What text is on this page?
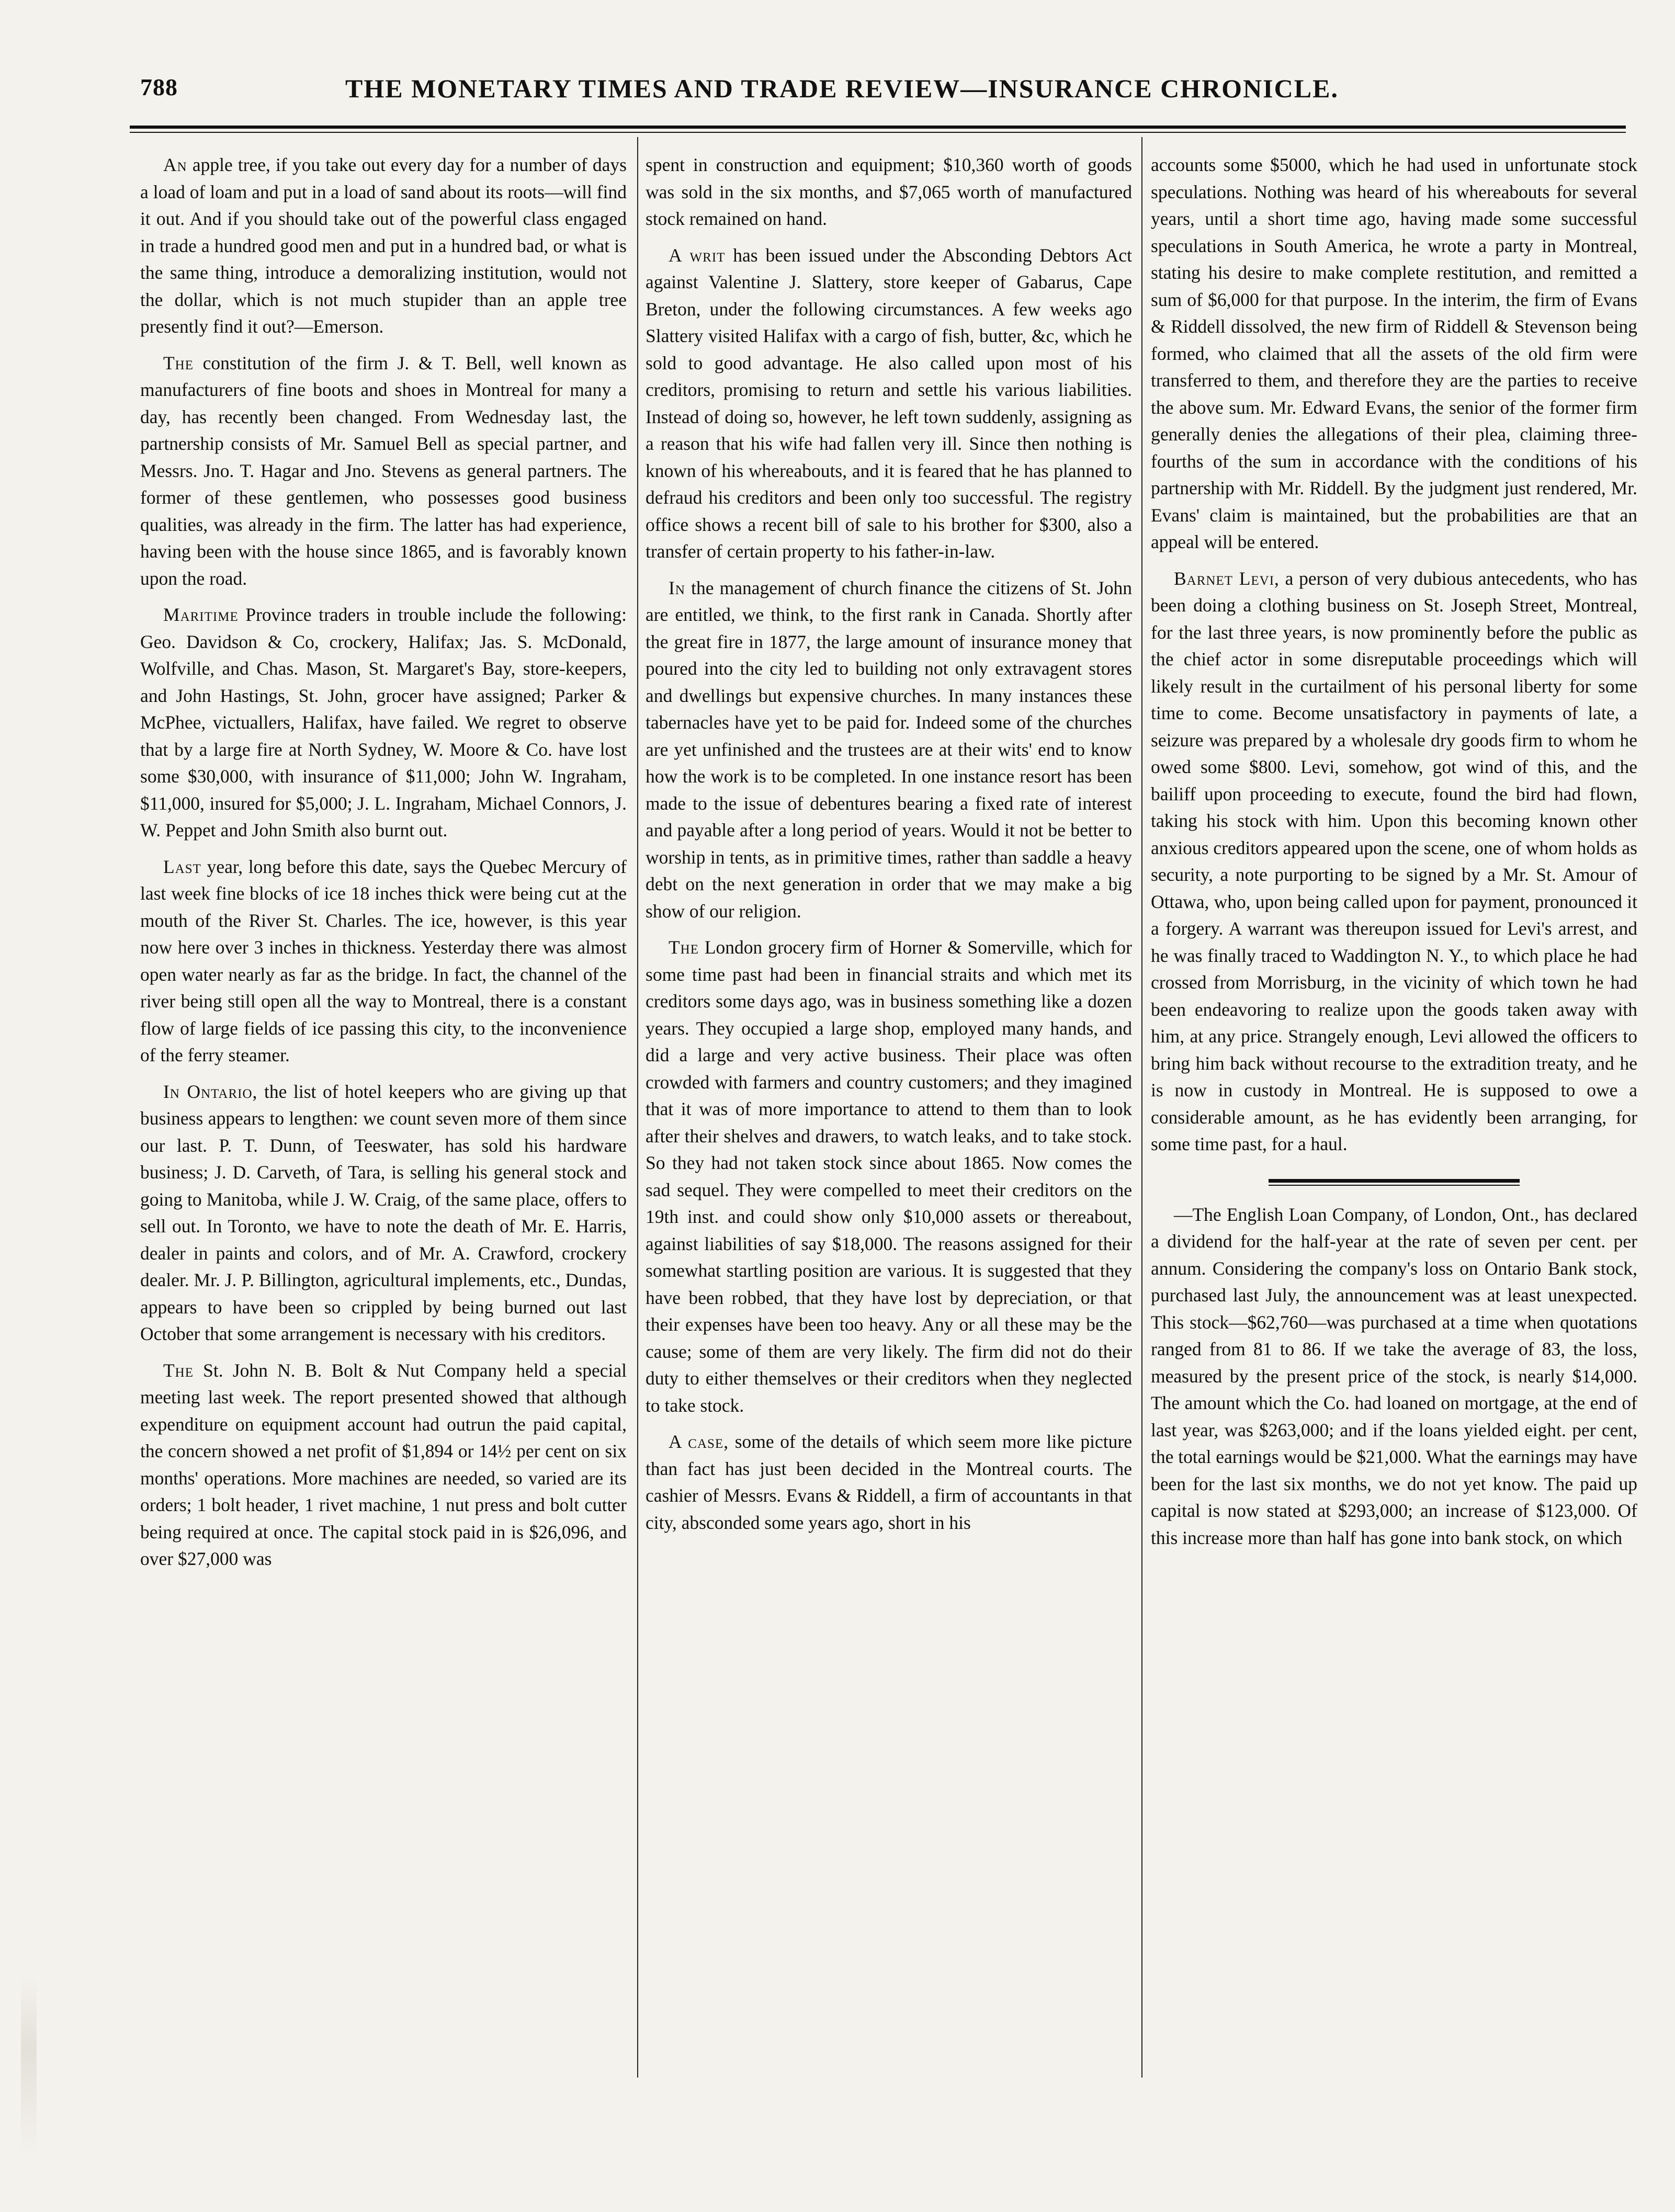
788	THE MONETARY TIMES AND TRADE REVIEW—INSURANCE CHRONICLE.

An apple tree, if you take out every day for a number of days a load of loam and put in a load of sand about its roots—will find it out. And if you should take out of the powerful class engaged in trade a hundred good men and put in a hundred bad, or what is the same thing, introduce a demoralizing institution, would not the dollar, which is not much stupider than an apple tree presently find it out?—Emerson.

The constitution of the firm J. & T. Bell, well known as manufacturers of fine boots and shoes in Montreal for many a day, has recently been changed. From Wednesday last, the partnership consists of Mr. Samuel Bell as special partner, and Messrs. Jno. T. Hagar and Jno. Stevens as general partners. The former of these gentlemen, who possesses good business qualities, was already in the firm. The latter has had experience, having been with the house since 1865, and is favorably known upon the road.

Maritime Province traders in trouble include the following: Geo. Davidson & Co, crockery, Halifax; Jas. S. McDonald, Wolfville, and Chas. Mason, St. Margaret's Bay, store-keepers, and John Hastings, St. John, grocer have assigned; Parker & McPhee, victuallers, Halifax, have failed. We regret to observe that by a large fire at North Sydney, W. Moore & Co. have lost some $30,000, with insurance of $11,000; John W. Ingraham, $11,000, insured for $5,000; J. L. Ingraham, Michael Connors, J. W. Peppet and John Smith also burnt out.

Last year, long before this date, says the Quebec Mercury of last week fine blocks of ice 18 inches thick were being cut at the mouth of the River St. Charles. The ice, however, is this year now here over 3 inches in thickness. Yesterday there was almost open water nearly as far as the bridge. In fact, the channel of the river being still open all the way to Montreal, there is a constant flow of large fields of ice passing this city, to the inconvenience of the ferry steamer.

In Ontario, the list of hotel keepers who are giving up that business appears to lengthen: we count seven more of them since our last. P. T. Dunn, of Teeswater, has sold his hardware business; J. D. Carveth, of Tara, is selling his general stock and going to Manitoba, while J. W. Craig, of the same place, offers to sell out. In Toronto, we have to note the death of Mr. E. Harris, dealer in paints and colors, and of Mr. A. Crawford, crockery dealer. Mr. J. P. Billington, agricultural implements, etc., Dundas, appears to have been so crippled by being burned out last October that some arrangement is necessary with his creditors.

The St. John N. B. Bolt & Nut Company held a special meeting last week. The report presented showed that although expenditure on equipment account had outrun the paid capital, the concern showed a net profit of $1,894 or 14½ per cent on six months' operations. More machines are needed, so varied are its orders; 1 bolt header, 1 rivet machine, 1 nut press and bolt cutter being required at once. The capital stock paid in is $26,096, and over $27,000 was

spent in construction and equipment; $10,360 worth of goods was sold in the six months, and $7,065 worth of manufactured stock remained on hand.

A writ has been issued under the Absconding Debtors Act against Valentine J. Slattery, store keeper of Gabarus, Cape Breton, under the following circumstances. A few weeks ago Slattery visited Halifax with a cargo of fish, butter, &c, which he sold to good advantage. He also called upon most of his creditors, promising to return and settle his various liabilities. Instead of doing so, however, he left town suddenly, assigning as a reason that his wife had fallen very ill. Since then nothing is known of his whereabouts, and it is feared that he has planned to defraud his creditors and been only too successful. The registry office shows a recent bill of sale to his brother for $300, also a transfer of certain property to his father-in-law.

In the management of church finance the citizens of St. John are entitled, we think, to the first rank in Canada. Shortly after the great fire in 1877, the large amount of insurance money that poured into the city led to building not only extravagent stores and dwellings but expensive churches. In many instances these tabernacles have yet to be paid for. Indeed some of the churches are yet unfinished and the trustees are at their wits' end to know how the work is to be completed. In one instance resort has been made to the issue of debentures bearing a fixed rate of interest and payable after a long period of years. Would it not be better to worship in tents, as in primitive times, rather than saddle a heavy debt on the next generation in order that we may make a big show of our religion.

The London grocery firm of Horner & Somerville, which for some time past had been in financial straits and which met its creditors some days ago, was in business something like a dozen years. They occupied a large shop, employed many hands, and did a large and very active business. Their place was often crowded with farmers and country customers; and they imagined that it was of more importance to attend to them than to look after their shelves and drawers, to watch leaks, and to take stock. So they had not taken stock since about 1865. Now comes the sad sequel. They were compelled to meet their creditors on the 19th inst. and could show only $10,000 assets or thereabout, against liabilities of say $18,000. The reasons assigned for their somewhat startling position are various. It is suggested that they have been robbed, that they have lost by depreciation, or that their expenses have been too heavy. Any or all these may be the cause; some of them are very likely. The firm did not do their duty to either themselves or their creditors when they neglected to take stock.

A case, some of the details of which seem more like picture than fact has just been decided in the Montreal courts. The cashier of Messrs. Evans & Riddell, a firm of accountants in that city, absconded some years ago, short in his

accounts some $5000, which he had used in unfortunate stock speculations. Nothing was heard of his whereabouts for several years, until a short time ago, having made some successful speculations in South America, he wrote a party in Montreal, stating his desire to make complete restitution, and remitted a sum of $6,000 for that purpose. In the interim, the firm of Evans & Riddell dissolved, the new firm of Riddell & Stevenson being formed, who claimed that all the assets of the old firm were transferred to them, and therefore they are the parties to receive the above sum. Mr. Edward Evans, the senior of the former firm generally denies the allegations of their plea, claiming three-fourths of the sum in accordance with the conditions of his partnership with Mr. Riddell. By the judgment just rendered, Mr. Evans' claim is maintained, but the probabilities are that an appeal will be entered.

Barnet Levi, a person of very dubious antecedents, who has been doing a clothing business on St. Joseph Street, Montreal, for the last three years, is now prominently before the public as the chief actor in some disreputable proceedings which will likely result in the curtailment of his personal liberty for some time to come. Become unsatisfactory in payments of late, a seizure was prepared by a wholesale dry goods firm to whom he owed some $800. Levi, somehow, got wind of this, and the bailiff upon proceeding to execute, found the bird had flown, taking his stock with him. Upon this becoming known other anxious creditors appeared upon the scene, one of whom holds as security, a note purporting to be signed by a Mr. St. Amour of Ottawa, who, upon being called upon for payment, pronounced it a forgery. A warrant was thereupon issued for Levi's arrest, and he was finally traced to Waddington N. Y., to which place he had crossed from Morrisburg, in the vicinity of which town he had been endeavoring to realize upon the goods taken away with him, at any price. Strangely enough, Levi allowed the officers to bring him back without recourse to the extradition treaty, and he is now in custody in Montreal. He is supposed to owe a considerable amount, as he has evidently been arranging, for some time past, for a haul.

—The English Loan Company, of London, Ont., has declared a dividend for the half-year at the rate of seven per cent. per annum. Considering the company's loss on Ontario Bank stock, purchased last July, the announcement was at least unexpected. This stock—$62,760—was purchased at a time when quotations ranged from 81 to 86. If we take the average of 83, the loss, measured by the present price of the stock, is nearly $14,000. The amount which the Co. had loaned on mortgage, at the end of last year, was $263,000; and if the loans yielded eight. per cent, the total earnings would be $21,000. What the earnings may have been for the last six months, we do not yet know. The paid up capital is now stated at $293,000; an increase of $123,000. Of this increase more than half has gone into bank stock, on which
